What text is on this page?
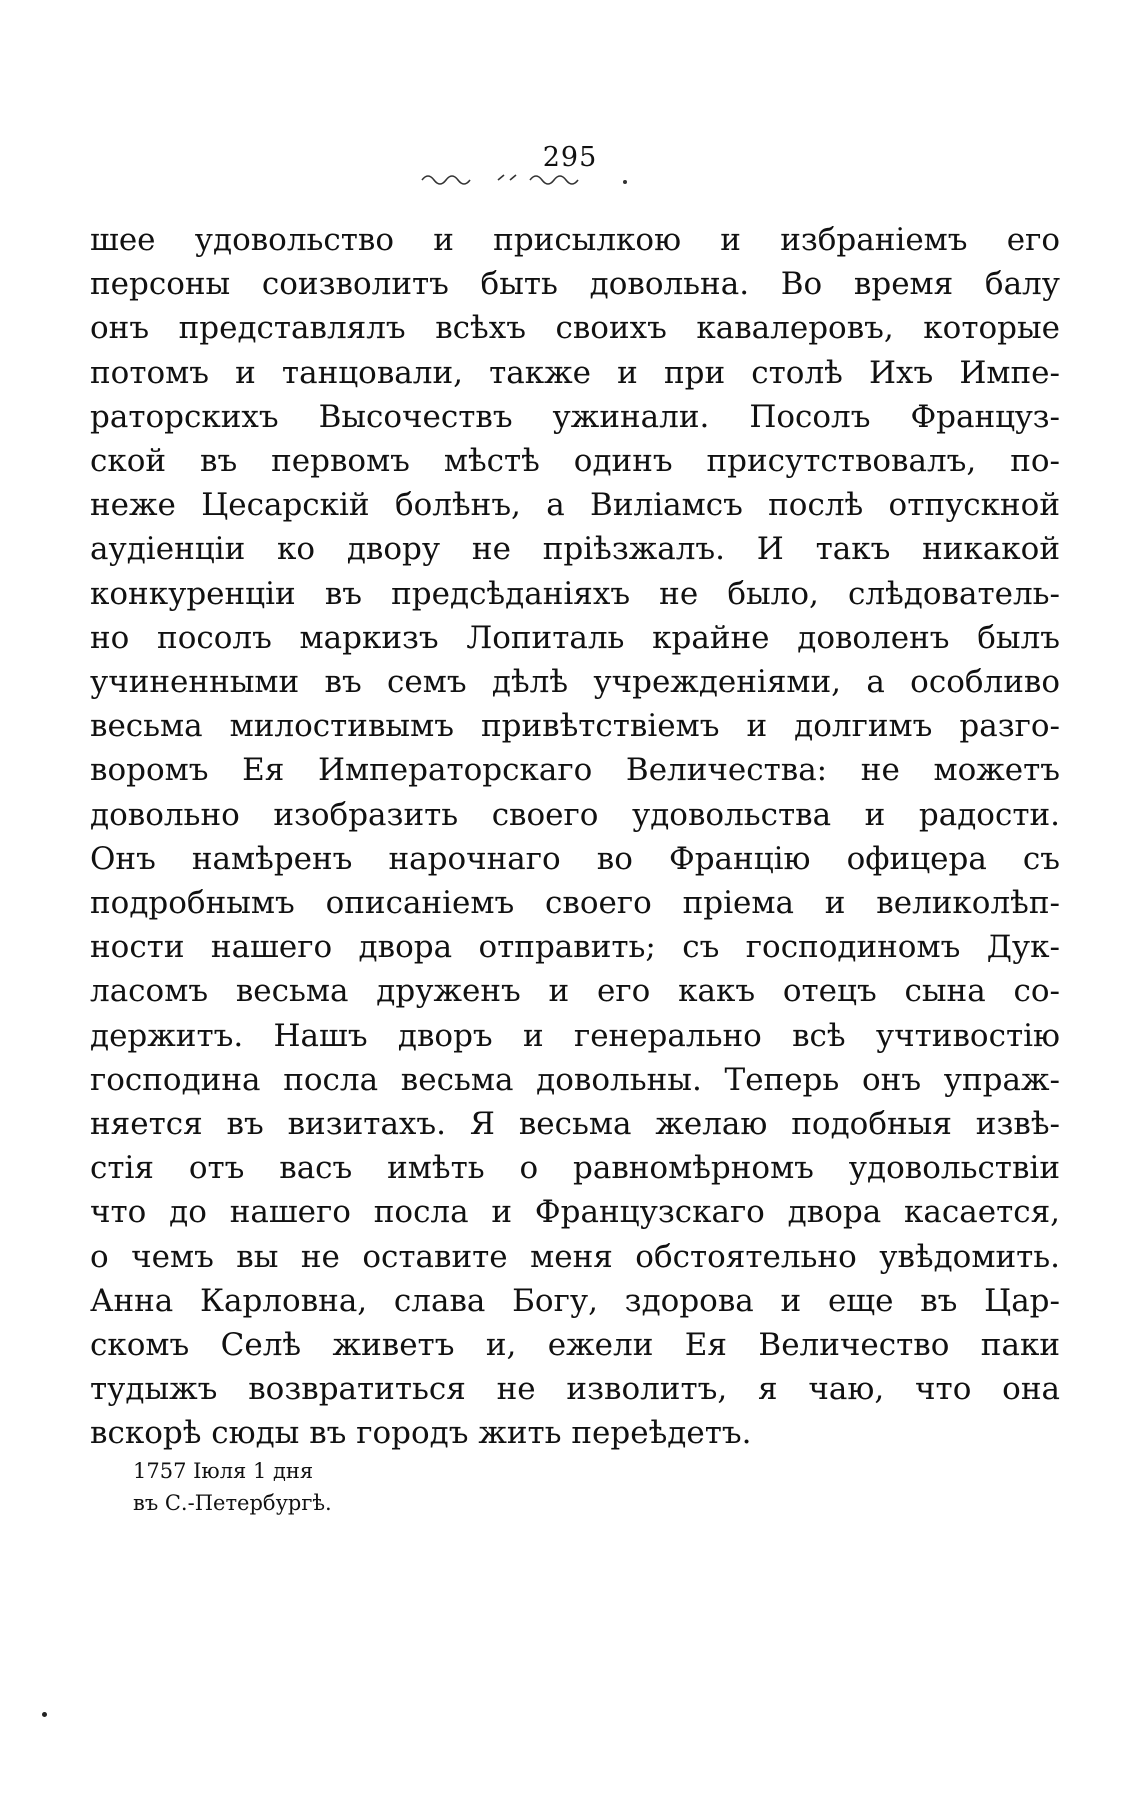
295
шее удовольство и присылкою и избраніемъ его
персоны соизволитъ быть довольна. Во время балу
онъ представлялъ всѣхъ своихъ кавалеровъ, которые
потомъ и танцовали, также и при столѣ Ихъ Импе-
раторскихъ Высочествъ ужинали. Посолъ Францyз-
ской въ первомъ мѣстѣ одинъ присутствовалъ, по-
неже Цесарскій болѣнъ, а Виліамсъ послѣ отпускной
аудіенціи ко двору не пріѣзжалъ. И такъ никакой
конкуренціи въ предсѣданіяхъ не было, слѣдователь-
но посолъ маркизъ Лопиталь крайне доволенъ былъ
учиненными въ семъ дѣлѣ учрежденіями, а особливо
весьма милостивымъ привѣтствіемъ и долгимъ разго-
воромъ Ея Императорскаго Величества: не можетъ
довольно изобразить своего удовольства и радости.
Онъ намѣренъ нарочнаго во Францію офицера съ
подробнымъ описаніемъ своего пріема и великолѣп-
ности нашего двора отправить; съ господиномъ Дук-
ласомъ весьма друженъ и его какъ отецъ сына со-
держитъ. Нашъ дворъ и генерально всѣ учтивостію
господина посла весьма довольны. Теперь онъ упраж-
няется въ визитахъ. Я весьма желаю подобныя извѣ-
стія отъ васъ имѣть о равномѣрномъ удовольствіи
что до нашего посла и Французскаго двора касается,
о чемъ вы не оставите меня обстоятельно увѣдомить.
Анна Карловна, слава Богу, здорова и еще въ Цар-
скомъ Селѣ живетъ и, ежели Ея Величество паки
тудыжъ возвратиться не изволитъ, я чаю, что она
вскорѣ сюды въ городъ жить переѣдетъ.
1757 Іюля 1 дня
въ С.-Петербургѣ.
